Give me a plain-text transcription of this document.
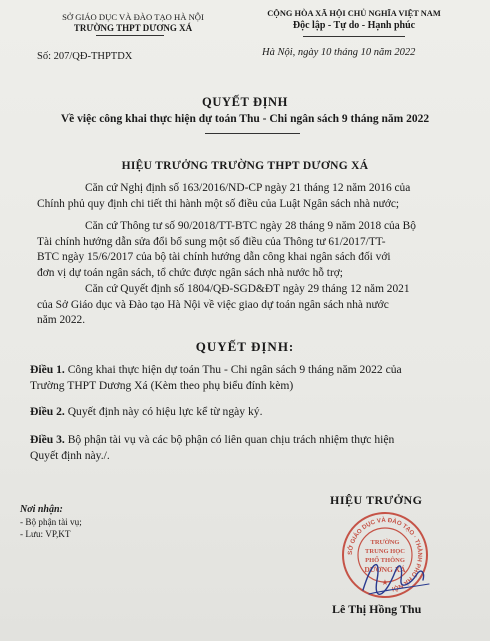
SỞ GIÁO DỤC VÀ ĐÀO TẠO HÀ NỘI
TRƯỜNG THPT DƯƠNG XÁ
CỘNG HÒA XÃ HỘI CHỦ NGHĨA VIỆT NAM
Độc lập - Tự do - Hạnh phúc
Số: 207/QĐ-THPTDX	Hà Nội, ngày 10 tháng 10 năm 2022
QUYẾT ĐỊNH
Về việc công khai thực hiện dự toán Thu - Chi ngân sách 9 tháng năm 2022
HIỆU TRƯỞNG TRƯỜNG THPT DƯƠNG XÁ
Căn cứ Nghị định số 163/2016/ND-CP ngày 21 tháng 12 năm 2016 của
Chính phủ quy định chi tiết thi hành một số điều của Luật Ngân sách nhà nước;
Căn cứ Thông tư số 90/2018/TT-BTC ngày 28 tháng 9 năm 2018 của Bộ
Tài chính hướng dẫn sửa đổi bổ sung một số điều của Thông tư 61/2017/TT-
BTC ngày 15/6/2017 của bộ tài chính hướng dẫn công khai ngân sách đối với
đơn vị dự toán ngân sách, tổ chức được ngân sách nhà nước hỗ trợ;
Căn cứ Quyết định số 1804/QĐ-SGD&ĐT ngày 29 tháng 12 năm 2021
của Sở Giáo dục và Đào tạo Hà Nội về việc giao dự toán ngân sách nhà nước
năm 2022.
QUYẾT ĐỊNH:
Điều 1. Công khai thực hiện dự toán Thu - Chi ngân sách 9 tháng năm 2022 của
Trường THPT Dương Xá (Kèm theo phụ biểu đính kèm)
Điều 2. Quyết định này có hiệu lực kể từ ngày ký.
Điều 3. Bộ phận tài vụ và các bộ phận có liên quan chịu trách nhiệm thực hiện
Quyết định này./.
Nơi nhận:
- Bộ phận tài vụ;
- Lưu: VP,KT
HIỆU TRƯỞNG
SỞ GIÁO DỤC VÀ ĐÀO TẠO · THÀNH PHỐ HÀ NỘI
TRƯỜNG
TRUNG HỌC
PHỔ THÔNG
DƯƠNG XÁ
★
Lê Thị Hồng Thu
